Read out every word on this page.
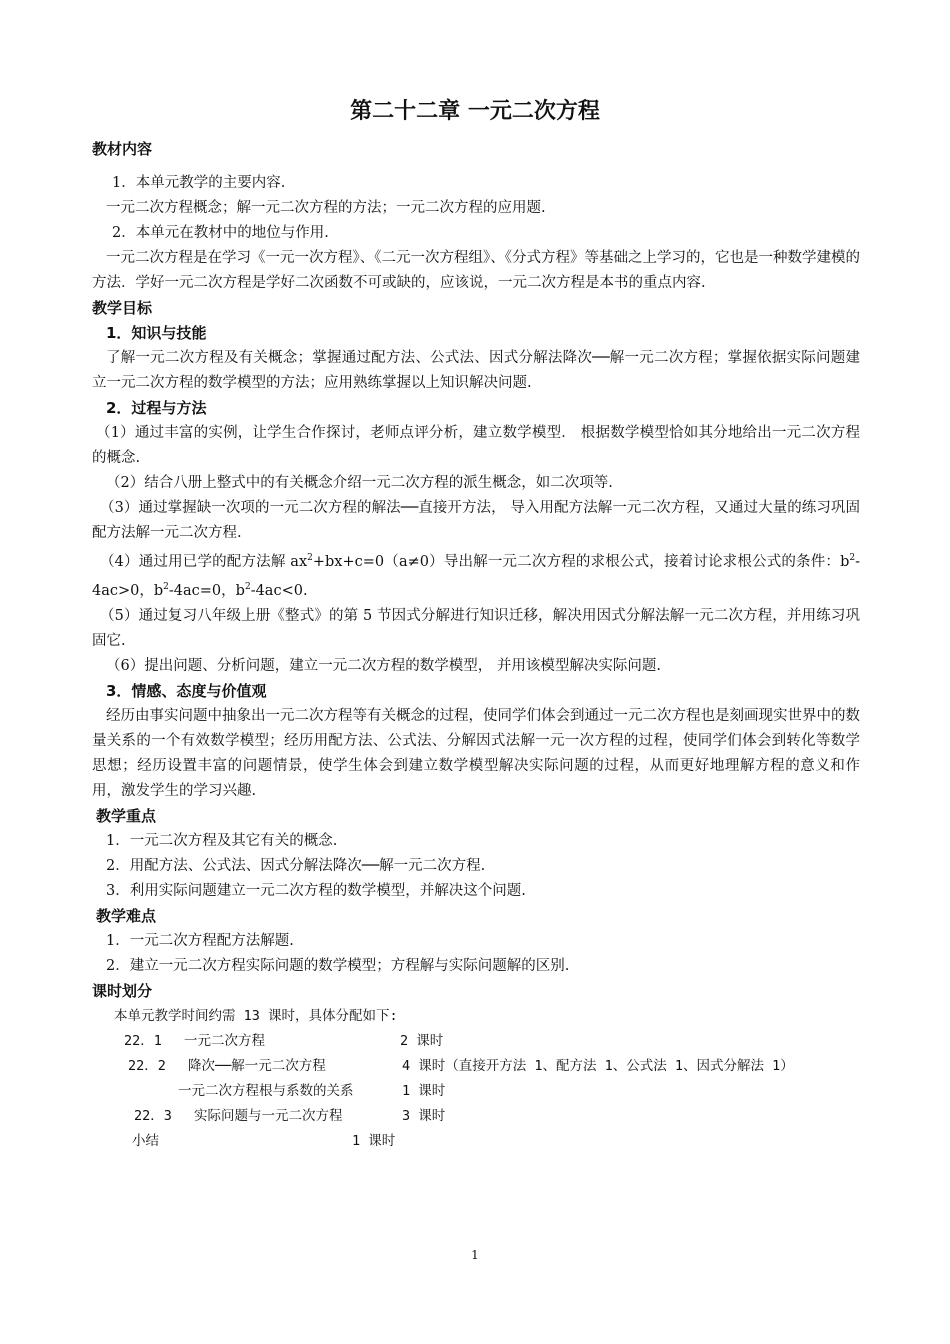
第二十二章 一元二次方程

教材内容

1．本单元教学的主要内容.

一元二次方程概念；解一元二次方程的方法；一元二次方程的应用题.

2．本单元在教材中的地位与作用.

一元二次方程是在学习《一元一次方程》、《二元一次方程组》、《分式方程》等基础之上学习的，它也是一种数学建模的方法．学好一元二次方程是学好二次函数不可或缺的，应该说，一元二次方程是本书的重点内容.

教学目标

1．知识与技能

了解一元二次方程及有关概念；掌握通过配方法、公式法、因式分解法降次──解一元二次方程；掌握依据实际问题建立一元二次方程的数学模型的方法；应用熟练掌握以上知识解决问题.

2．过程与方法

（1）通过丰富的实例，让学生合作探讨，老师点评分析，建立数学模型． 根据数学模型恰如其分地给出一元二次方程的概念.

（2）结合八册上整式中的有关概念介绍一元二次方程的派生概念，如二次项等.

（3）通过掌握缺一次项的一元二次方程的解法──直接开方法， 导入用配方法解一元二次方程，又通过大量的练习巩固配方法解一元二次方程.

（4）通过用已学的配方法解 $ax^2+bx+c=0(a\ne 0)$导出解一元二次方程的求根公式，接着讨论求根公式的条件：$b^2-4ac>0$，$b^2-4ac=0$，$b^2-4ac<0$.

（5）通过复习八年级上册《整式》的第 5 节因式分解进行知识迁移，解决用因式分解法解一元二次方程，并用练习巩固它.

（6）提出问题、分析问题，建立一元二次方程的数学模型， 并用该模型解决实际问题.

3．情感、态度与价值观

经历由事实问题中抽象出一元二次方程等有关概念的过程，使同学们体会到通过一元二次方程也是刻画现实世界中的数量关系的一个有效数学模型；经历用配方法、公式法、分解因式法解一元一次方程的过程，使同学们体会到转化等数学思想；经历设置丰富的问题情景，使学生体会到建立数学模型解决实际问题的过程，从而更好地理解方程的意义和作用，激发学生的学习兴趣.

教学重点

1．一元二次方程及其它有关的概念.

2．用配方法、公式法、因式分解法降次──解一元二次方程.

3．利用实际问题建立一元二次方程的数学模型，并解决这个问题.

教学难点

1．一元二次方程配方法解题.

2．建立一元二次方程实际问题的数学模型；方程解与实际问题解的区别.

课时划分

本单元教学时间约需 13 课时，具体分配如下:
22．1 一元二次方程	2 课时
22．2 降次──解一元二次方程	4 课时（直接开方法 1、配方法 1、公式法 1、因式分解法 1）
一元二次方程根与系数的关系	1 课时
22．3 实际问题与一元二次方程	3 课时
小结	1 课时
1
